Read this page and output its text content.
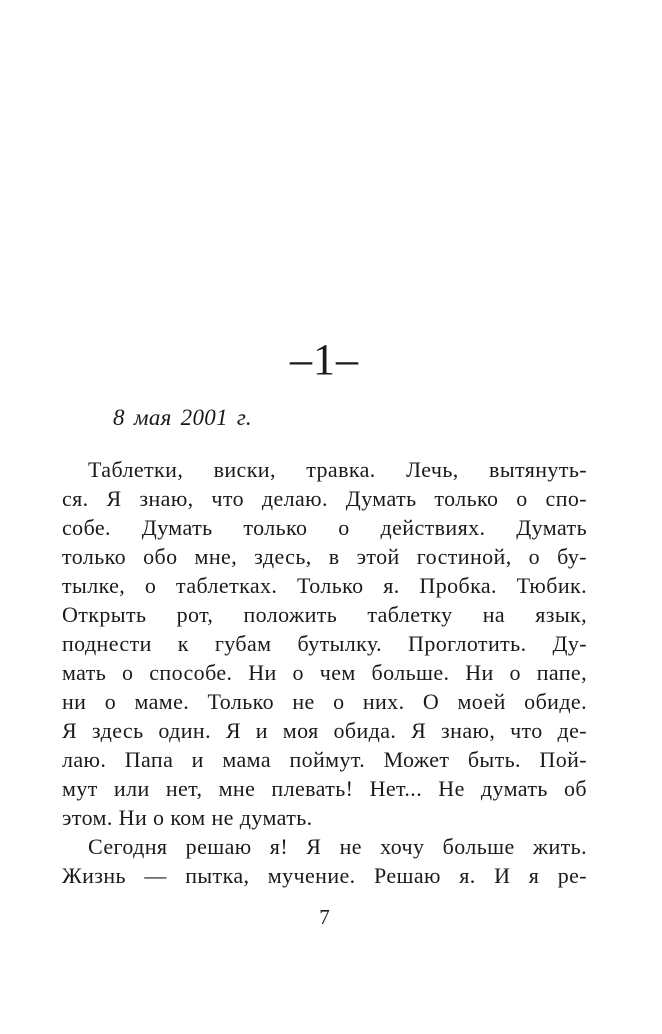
–1–
8 мая 2001 г.
Таблетки, виски, травка. Лечь, вытянуть-
ся. Я знаю, что делаю. Думать только о спо-
собе. Думать только о действиях. Думать
только обо мне, здесь, в этой гостиной, о бу-
тылке, о таблетках. Только я. Пробка. Тюбик.
Открыть рот, положить таблетку на язык,
поднести к губам бутылку. Проглотить. Ду-
мать о способе. Ни о чем больше. Ни о папе,
ни о маме. Только не о них. О моей обиде.
Я здесь один. Я и моя обида. Я знаю, что де-
лаю. Папа и мама поймут. Может быть. Пой-
мут или нет, мне плевать! Нет... Не думать об
этом. Ни о ком не думать.
Сегодня решаю я! Я не хочу больше жить.
Жизнь — пытка, мучение. Решаю я. И я ре-
7
